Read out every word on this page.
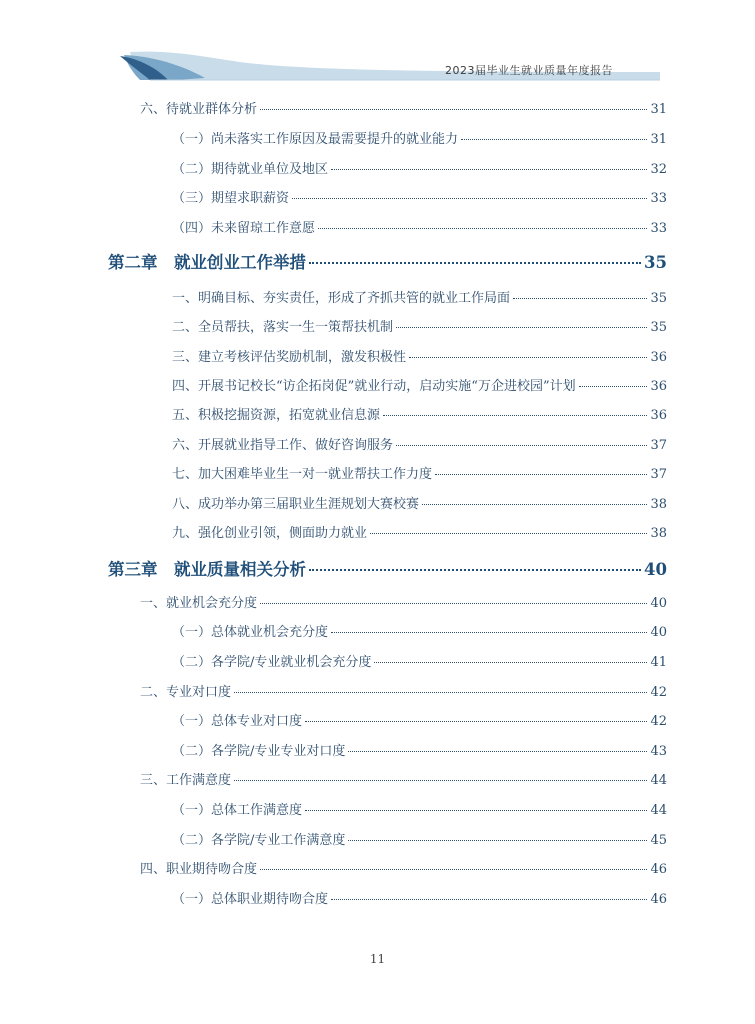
2023届毕业生就业质量年度报告
六、待就业群体分析	31
（一）尚未落实工作原因及最需要提升的就业能力	31
（二）期待就业单位及地区	32
（三）期望求职薪资	33
（四）未来留琼工作意愿	33
第二章　就业创业工作举措	35
一、明确目标、夯实责任，形成了齐抓共管的就业工作局面	35
二、全员帮扶，落实一生一策帮扶机制	35
三、建立考核评估奖励机制，激发积极性	36
四、开展书记校长“访企拓岗促”就业行动，启动实施“万企进校园”计划	36
五、积极挖掘资源，拓宽就业信息源	36
六、开展就业指导工作、做好咨询服务	37
七、加大困难毕业生一对一就业帮扶工作力度	37
八、成功举办第三届职业生涯规划大赛校赛	38
九、强化创业引领，侧面助力就业	38
第三章　就业质量相关分析	40
一、就业机会充分度	40
（一）总体就业机会充分度	40
（二）各学院/专业就业机会充分度	41
二、专业对口度	42
（一）总体专业对口度	42
（二）各学院/专业专业对口度	43
三、工作满意度	44
（一）总体工作满意度	44
（二）各学院/专业工作满意度	45
四、职业期待吻合度	46
（一）总体职业期待吻合度	46
11
